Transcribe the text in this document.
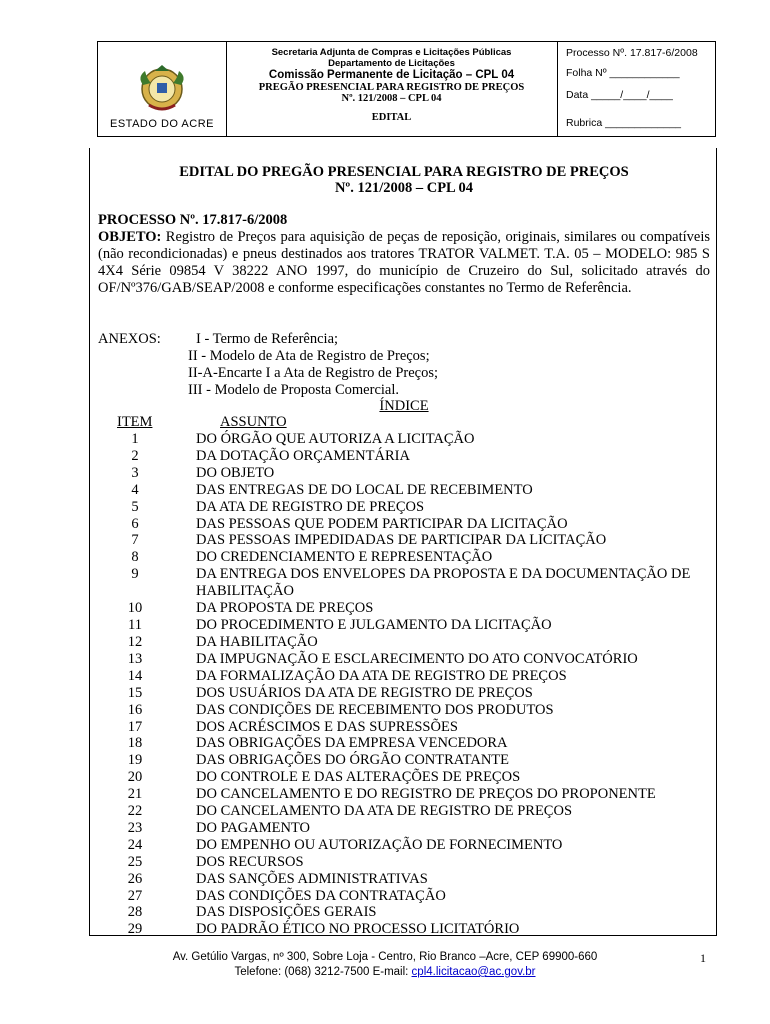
ESTADO DO ACRE
Secretaria Adjunta de Compras e Licitações Públicas
Departamento de Licitações
Comissão Permanente de Licitação – CPL 04
PREGÃO PRESENCIAL PARA REGISTRO DE PREÇOS
Nº. 121/2008 – CPL 04
EDITAL
Processo Nº. 17.817-6/2008
Folha Nº ____________
Data _____/____/____
Rubrica _____________
EDITAL DO PREGÃO PRESENCIAL PARA REGISTRO DE PREÇOS
Nº. 121/2008 – CPL 04
PROCESSO Nº. 17.817-6/2008
OBJETO: Registro de Preços para aquisição de peças de reposição, originais, similares ou compatíveis (não recondicionadas) e pneus destinados aos tratores TRATOR VALMET. T.A. 05 – MODELO: 985 S 4X4 Série 09854 V 38222 ANO 1997, do município de Cruzeiro do Sul, solicitado através do OF/Nº376/GAB/SEAP/2008 e conforme especificações constantes no Termo de Referência.
ANEXOS: I - Termo de Referência;
II - Modelo de Ata de Registro de Preços;
II-A-Encarte I a Ata de Registro de Preços;
III - Modelo de Proposta Comercial.
ÍNDICE
ITEM	ASSUNTO
1	DO ÓRGÃO QUE AUTORIZA A LICITAÇÃO
2	DA DOTAÇÃO ORÇAMENTÁRIA
3	DO OBJETO
4	DAS ENTREGAS DE DO LOCAL DE RECEBIMENTO
5	DA ATA DE REGISTRO DE PREÇOS
6	DAS PESSOAS QUE PODEM PARTICIPAR DA LICITAÇÃO
7	DAS PESSOAS IMPEDIDADAS DE PARTICIPAR DA LICITAÇÃO
8	DO CREDENCIAMENTO E REPRESENTAÇÃO
9	DA ENTREGA DOS ENVELOPES DA PROPOSTA E DA DOCUMENTAÇÃO DE HABILITAÇÃO
10	DA PROPOSTA DE PREÇOS
11	DO PROCEDIMENTO E JULGAMENTO DA LICITAÇÃO
12	DA HABILITAÇÃO
13	DA IMPUGNAÇÃO E ESCLARECIMENTO DO ATO CONVOCATÓRIO
14	DA FORMALIZAÇÃO DA ATA DE REGISTRO DE PREÇOS
15	DOS USUÁRIOS DA ATA DE REGISTRO DE PREÇOS
16	DAS CONDIÇÕES DE RECEBIMENTO DOS PRODUTOS
17	DOS ACRÉSCIMOS E DAS SUPRESSÕES
18	DAS OBRIGAÇÕES DA EMPRESA VENCEDORA
19	DAS OBRIGAÇÕES DO ÓRGÃO CONTRATANTE
20	DO CONTROLE E DAS ALTERAÇÕES DE PREÇOS
21	DO CANCELAMENTO E DO REGISTRO DE PREÇOS DO PROPONENTE
22	DO CANCELAMENTO DA ATA DE REGISTRO DE PREÇOS
23	DO PAGAMENTO
24	DO EMPENHO OU AUTORIZAÇÃO DE FORNECIMENTO
25	DOS RECURSOS
26	DAS SANÇÕES ADMINISTRATIVAS
27	DAS CONDIÇÕES DA CONTRATAÇÃO
28	DAS DISPOSIÇÕES GERAIS
29	DO PADRÃO ÉTICO NO PROCESSO LICITATÓRIO
Av. Getúlio Vargas, nº 300, Sobre Loja - Centro, Rio Branco –Acre, CEP 69900-660
Telefone: (068) 3212-7500 E-mail: cpl4.licitacao@ac.gov.br
1
